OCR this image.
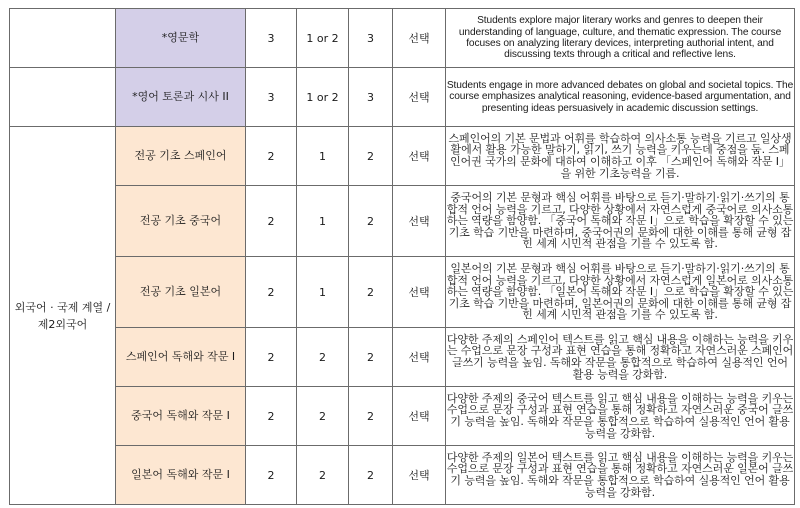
	*영문학	3	1 or 2	3	선택	Students explore major literary works and genres to deepen their understanding of language, culture, and thematic expression. The course focuses on analyzing literary devices, interpreting authorial intent, and discussing texts through a critical and reflective lens.
	*영어 토론과 시사 II	3	1 or 2	3	선택	Students engage in more advanced debates on global and societal topics. The course emphasizes analytical reasoning, evidence-based argumentation, and presenting ideas persuasively in academic discussion settings.
외국어 · 국제 계열 / 제2외국어	전공 기초 스페인어	2	1	2	선택	스페인어의 기본 문법과 어휘를 학습하여 의사소통 능력을 기르고 일상생활에서 활용 가능한 말하기, 읽기, 쓰기 능력을 키우는데 중점을 둠. 스페인어권 국가의 문화에 대하여 이해하고 이후 「스페인어 독해와 작문 I」을 위한 기초능력을 기름.
	전공 기초 중국어	2	1	2	선택	중국어의 기본 문형과 핵심 어휘를 바탕으로 듣기·말하기·읽기·쓰기의 통합적 언어 능력을 기르고, 다양한 상황에서 자연스럽게 중국어로 의사소통하는 역량을 함양함. 「중국어 독해와 작문 I」으로 학습을 확장할 수 있는 기초 학습 기반을 마련하며, 중국어권의 문화에 대한 이해를 통해 균형 잡힌 세계 시민적 관점을 기를 수 있도록 함.
	전공 기초 일본어	2	1	2	선택	일본어의 기본 문형과 핵심 어휘를 바탕으로 듣기·말하기·읽기·쓰기의 통합적 언어 능력을 기르고, 다양한 상황에서 자연스럽게 일본어로 의사소통하는 역량을 함양함. 「일본어 독해와 작문 I」으로 학습을 확장할 수 있는 기초 학습 기반을 마련하며, 일본어권의 문화에 대한 이해를 통해 균형 잡힌 세계 시민적 관점을 기를 수 있도록 함.
	스페인어 독해와 작문 I	2	2	2	선택	다양한 주제의 스페인어 텍스트를 읽고 핵심 내용을 이해하는 능력을 키우는 수업으로 문장 구성과 표현 연습을 통해 정확하고 자연스러운 스페인어 글쓰기 능력을 높임. 독해와 작문을 통합적으로 학습하여 실용적인 언어 활용 능력을 강화함.
	중국어 독해와 작문 I	2	2	2	선택	다양한 주제의 중국어 텍스트를 읽고 핵심 내용을 이해하는 능력을 키우는 수업으로 문장 구성과 표현 연습을 통해 정확하고 자연스러운 중국어 글쓰기 능력을 높임. 독해와 작문을 통합적으로 학습하여 실용적인 언어 활용 능력을 강화함.
	일본어 독해와 작문 I	2	2	2	선택	다양한 주제의 일본어 텍스트를 읽고 핵심 내용을 이해하는 능력을 키우는 수업으로 문장 구성과 표현 연습을 통해 정확하고 자연스러운 일본어 글쓰기 능력을 높임. 독해와 작문을 통합적으로 학습하여 실용적인 언어 활용 능력을 강화함.
